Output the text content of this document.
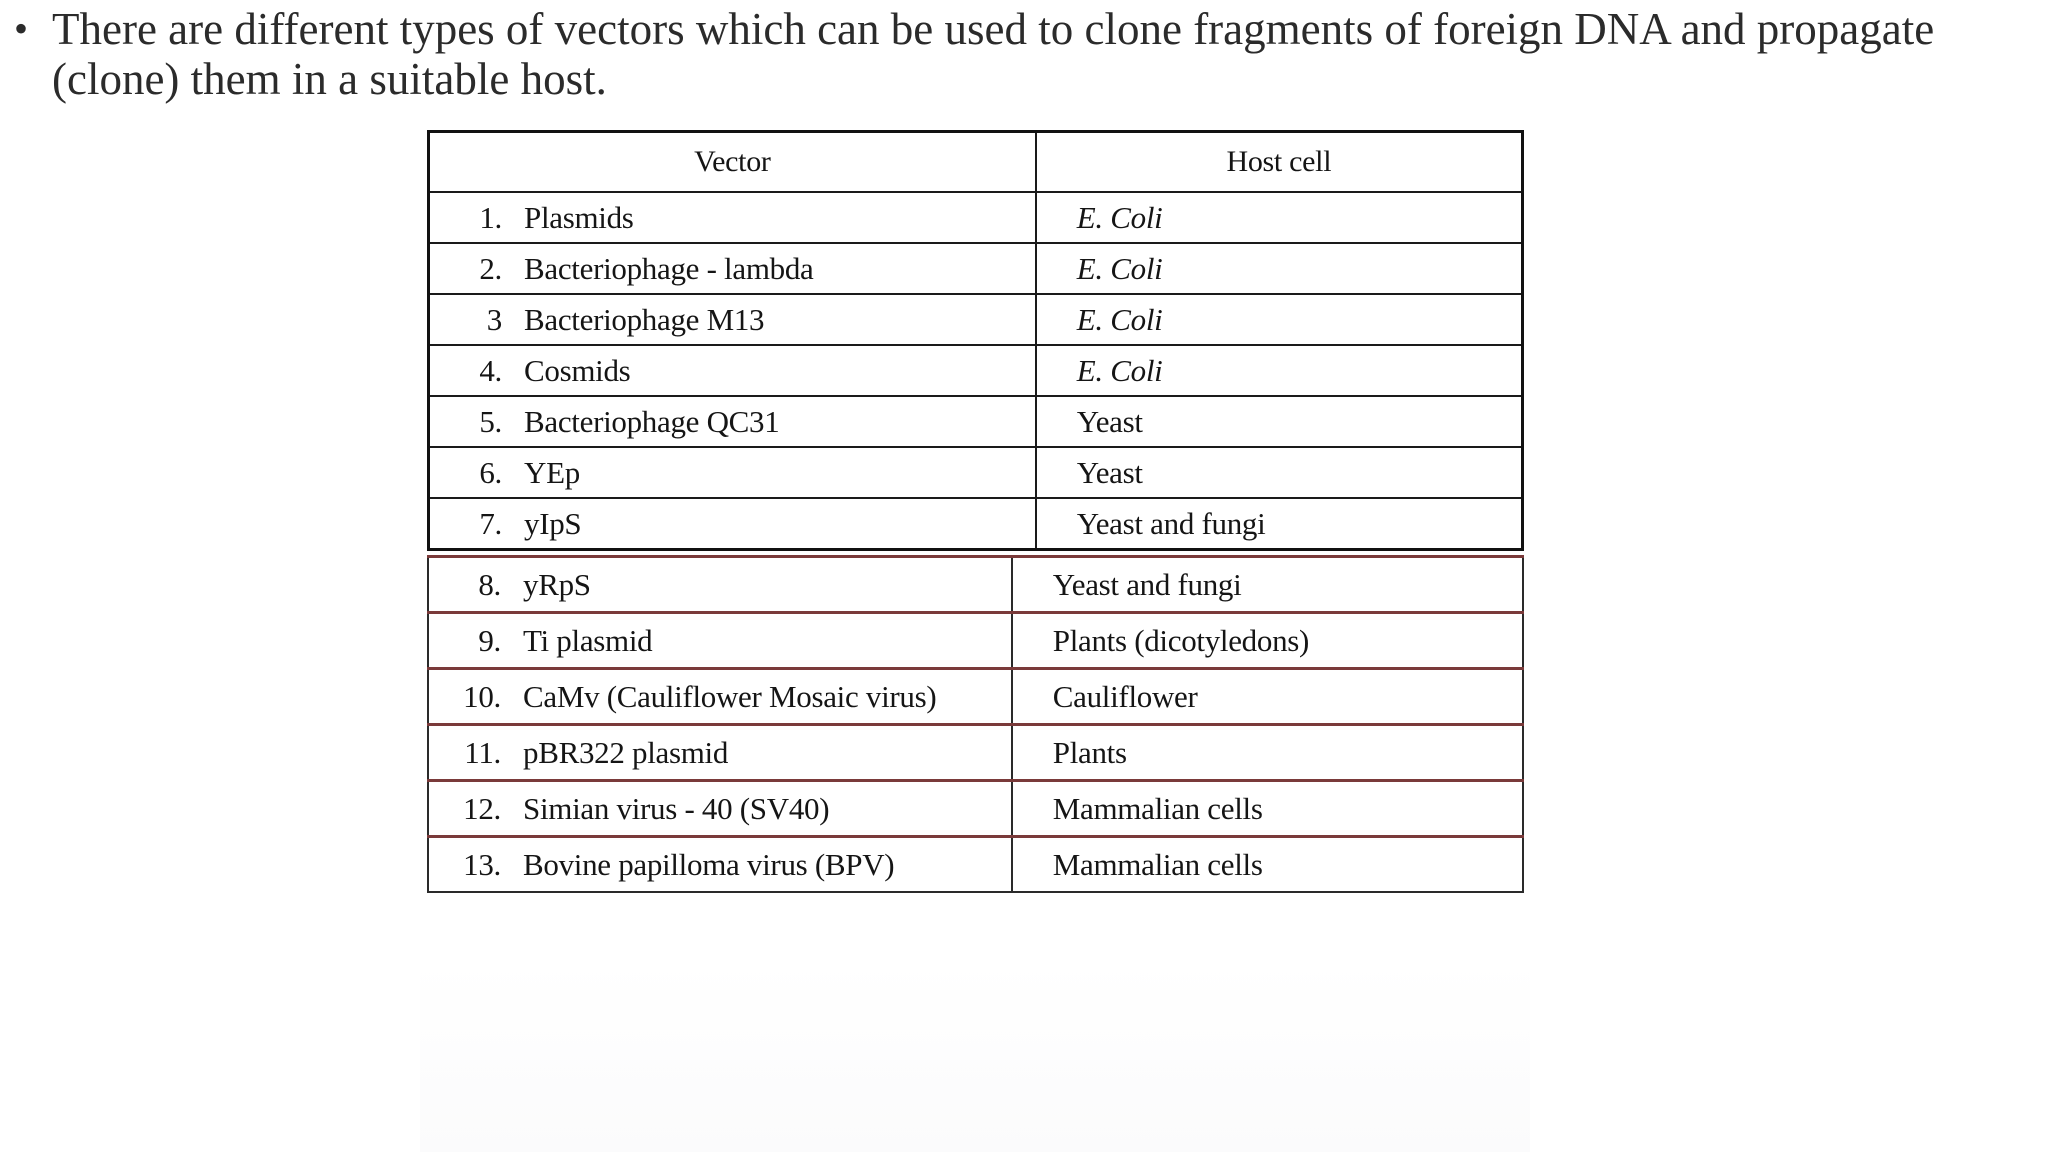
• There are different types of vectors which can be used to clone fragments of foreign DNA and propagate (clone) them in a suitable host.
Vector	Host cell
1. Plasmids	E. Coli
2. Bacteriophage - lambda	E. Coli
3 Bacteriophage M13	E. Coli
4. Cosmids	E. Coli
5. Bacteriophage QC31	Yeast
6. YEp	Yeast
7. yIpS	Yeast and fungi
8. yRpS	Yeast and fungi
9. Ti plasmid	Plants (dicotyledons)
10. CaMv (Cauliflower Mosaic virus)	Cauliflower
11. pBR322 plasmid	Plants
12. Simian virus - 40 (SV40)	Mammalian cells
13. Bovine papilloma virus (BPV)	Mammalian cells
